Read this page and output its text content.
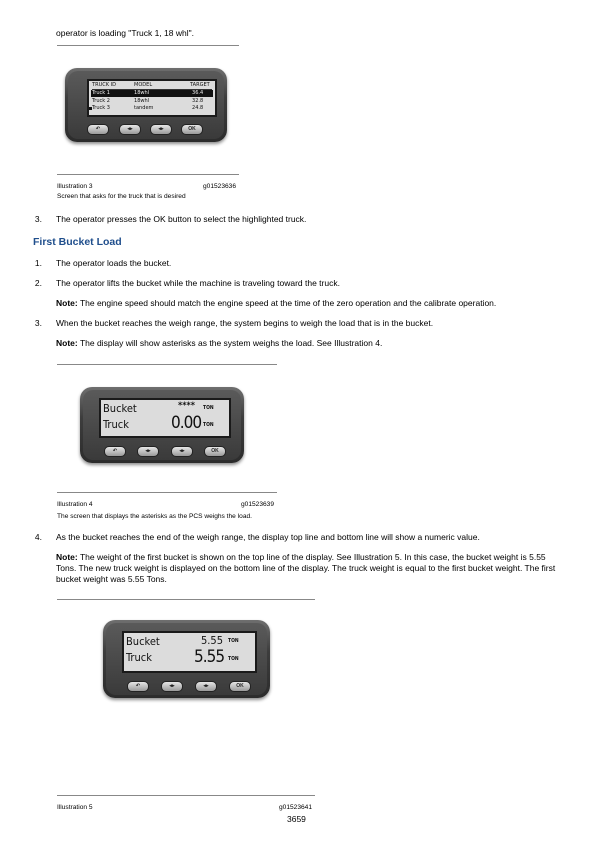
operator is loading "Truck 1, 18 whl".
TRUCK ID	MODEL	TARGET
Truck 1	18whl	36.4
Truck 2	18whl	32.8
Truck 3	tandem	24.8
↶	◂▸	◂▸	OK
Illustration 3	g01523636
Screen that asks for the truck that is desired
3. The operator presses the OK button to select the highlighted truck.
First Bucket Load
1. The operator loads the bucket.
2. The operator lifts the bucket while the machine is traveling toward the truck.
Note: The engine speed should match the engine speed at the time of the zero operation and the calibrate operation.
3. When the bucket reaches the weigh range, the system begins to weigh the load that is in the bucket.
Note: The display will show asterisks as the system weighs the load. See Illustration 4.
Bucket	**** TON
Truck 0.00 TON
↶	◂▸	◂▸	OK
Illustration 4	g01523639
The screen that displays the asterisks as the PCS weighs the load.
4. As the bucket reaches the end of the weigh range, the display top line and bottom line will show a numeric value.
Note: The weight of the first bucket is shown on the top line of the display. See Illustration 5. In this case, the bucket weight is 5.55 Tons. The new truck weight is displayed on the bottom line of the display. The truck weight is equal to the first bucket weight. The first bucket weight was 5.55 Tons.
Bucket	5.55 TON
Truck 5.55 TON
↶	◂▸	◂▸	OK
Illustration 5	g01523641
3659
